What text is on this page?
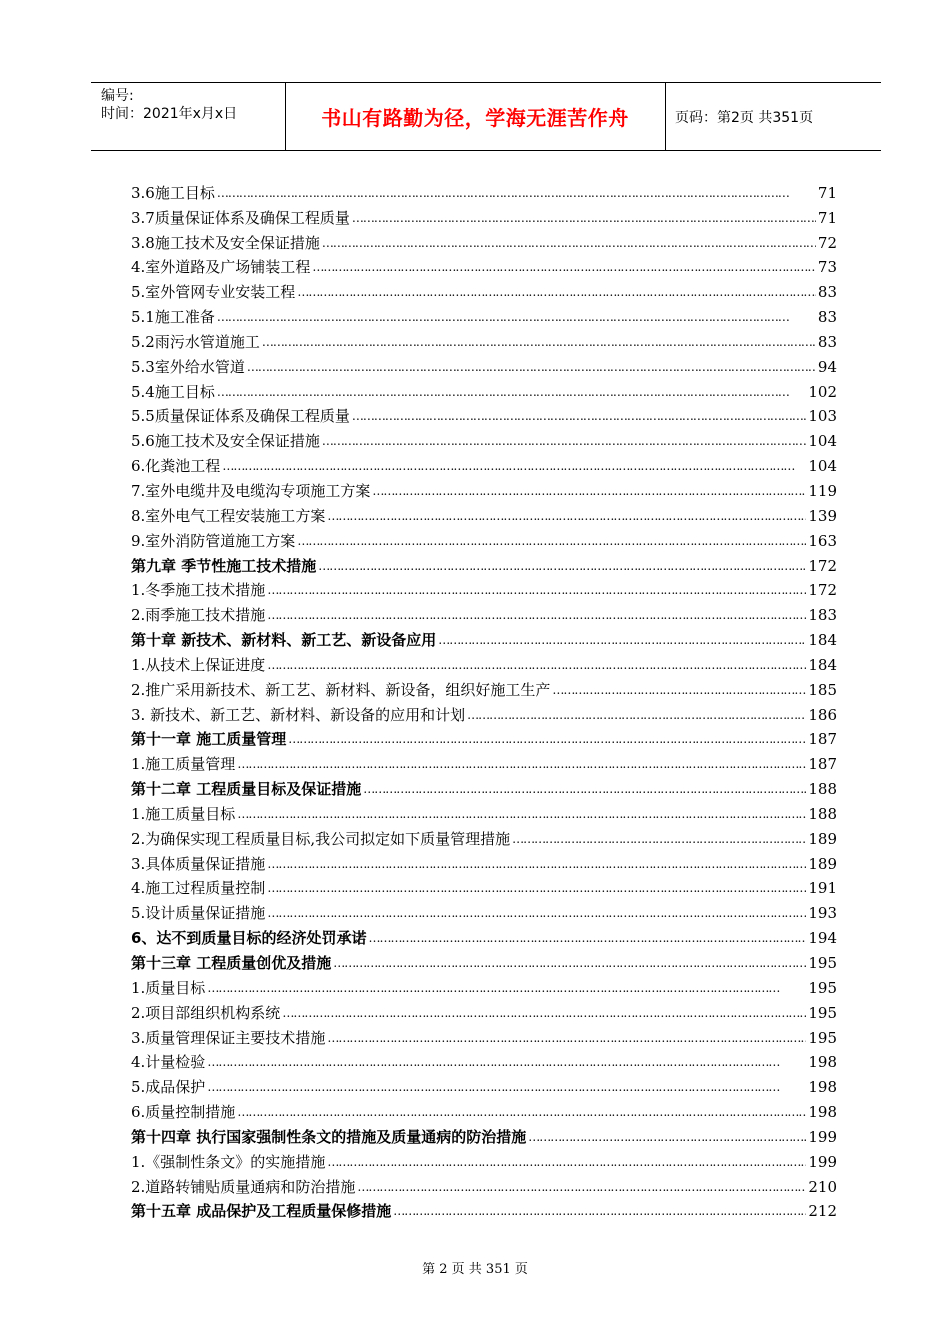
编号:
时间：2021年x月x日	书山有路勤为径，学海无涯苦作舟	页码：第2页 共351页
3.6施工目标 …………………………………………………………………………………………………………………………………………	71
3.7质量保证体系及确保工程质量 …………………………………………………………………………………………………………………………………………	71
3.8施工技术及安全保证措施 …………………………………………………………………………………………………………………………………………	72
4.室外道路及广场铺装工程 …………………………………………………………………………………………………………………………………………	73
5.室外管网专业安装工程 …………………………………………………………………………………………………………………………………………	83
5.1施工准备 …………………………………………………………………………………………………………………………………………	83
5.2雨污水管道施工 …………………………………………………………………………………………………………………………………………	83
5.3室外给水管道 …………………………………………………………………………………………………………………………………………	94
5.4施工目标 …………………………………………………………………………………………………………………………………………	102
5.5质量保证体系及确保工程质量 …………………………………………………………………………………………………………………………………………	103
5.6施工技术及安全保证措施 …………………………………………………………………………………………………………………………………………	104
6.化粪池工程 …………………………………………………………………………………………………………………………………………	104
7.室外电缆井及电缆沟专项施工方案 …………………………………………………………………………………………………………………………………………	119
8.室外电气工程安装施工方案 …………………………………………………………………………………………………………………………………………	139
9.室外消防管道施工方案 …………………………………………………………………………………………………………………………………………	163
第九章 季节性施工技术措施 …………………………………………………………………………………………………………………………………………	172
1.冬季施工技术措施 …………………………………………………………………………………………………………………………………………	172
2.雨季施工技术措施 …………………………………………………………………………………………………………………………………………	183
第十章 新技术、新材料、新工艺、新设备应用 …………………………………………………………………………………………………………………………………………	184
1.从技术上保证进度 …………………………………………………………………………………………………………………………………………	184
2.推广采用新技术、新工艺、新材料、新设备，组织好施工生产 …………………………………………………………………………………………………………………………………………	185
3. 新技术、新工艺、新材料、新设备的应用和计划 …………………………………………………………………………………………………………………………………………	186
第十一章 施工质量管理 …………………………………………………………………………………………………………………………………………	187
1.施工质量管理 …………………………………………………………………………………………………………………………………………	187
第十二章 工程质量目标及保证措施 …………………………………………………………………………………………………………………………………………	188
1.施工质量目标 …………………………………………………………………………………………………………………………………………	188
2.为确保实现工程质量目标,我公司拟定如下质量管理措施 …………………………………………………………………………………………………………………………………………	189
3.具体质量保证措施 …………………………………………………………………………………………………………………………………………	189
4.施工过程质量控制 …………………………………………………………………………………………………………………………………………	191
5.设计质量保证措施 …………………………………………………………………………………………………………………………………………	193
6、达不到质量目标的经济处罚承诺 …………………………………………………………………………………………………………………………………………	194
第十三章 工程质量创优及措施 …………………………………………………………………………………………………………………………………………	195
1.质量目标 …………………………………………………………………………………………………………………………………………	195
2.项目部组织机构系统 …………………………………………………………………………………………………………………………………………	195
3.质量管理保证主要技术措施 …………………………………………………………………………………………………………………………………………	195
4.计量检验 …………………………………………………………………………………………………………………………………………	198
5.成品保护 …………………………………………………………………………………………………………………………………………	198
6.质量控制措施 …………………………………………………………………………………………………………………………………………	198
第十四章 执行国家强制性条文的措施及质量通病的防治措施 …………………………………………………………………………………………………………………………………………	199
1.《强制性条文》的实施措施 …………………………………………………………………………………………………………………………………………	199
2.道路转铺贴质量通病和防治措施 …………………………………………………………………………………………………………………………………………	210
第十五章 成品保护及工程质量保修措施 …………………………………………………………………………………………………………………………………………	212
第 2 页 共 351 页
